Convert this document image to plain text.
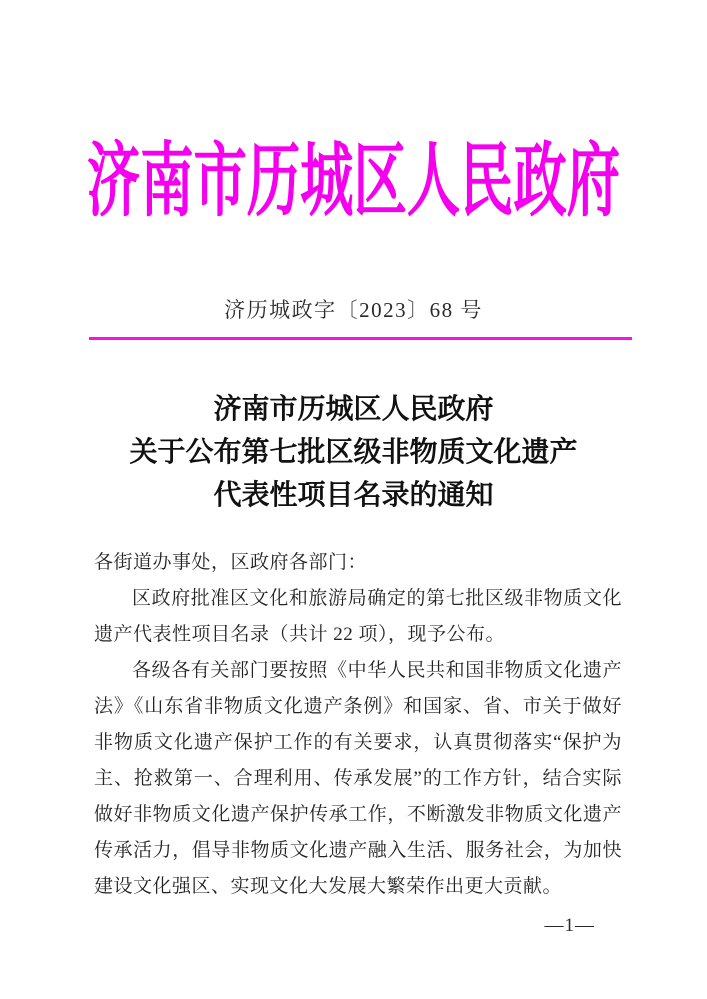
济南市历城区人民政府
济历城政字〔2023〕68 号

济南市历城区人民政府

关于公布第七批区级非物质文化遗产

代表性项目名录的通知

各街道办事处，区政府各部门：

区政府批准区文化和旅游局确定的第七批区级非物质文化遗产代表性项目名录（共计 22 项），现予公布。

各级各有关部门要按照《中华人民共和国非物质文化遗产法》《山东省非物质文化遗产条例》和国家、省、市关于做好非物质文化遗产保护工作的有关要求，认真贯彻落实“保护为主、抢救第一、合理利用、传承发展”的工作方针，结合实际做好非物质文化遗产保护传承工作，不断激发非物质文化遗产传承活力，倡导非物质文化遗产融入生活、服务社会，为加快建设文化强区、实现文化大发展大繁荣作出更大贡献。

—1—
